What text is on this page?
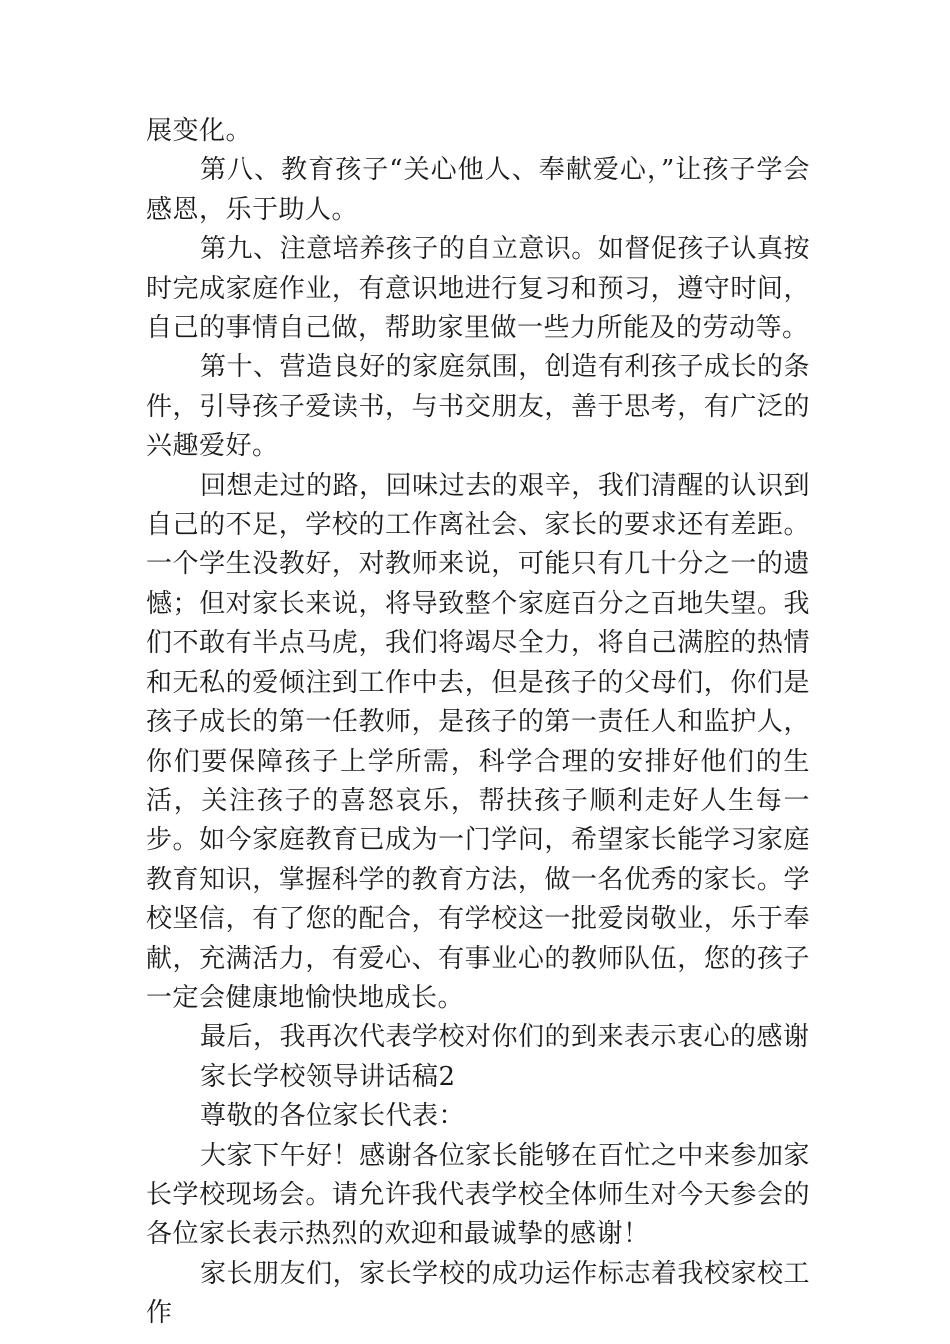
展变化。

第八、教育孩子“关心他人、奉献爱心，”让孩子学会感恩，乐于助人。

第九、注意培养孩子的自立意识。如督促孩子认真按时完成家庭作业，有意识地进行复习和预习，遵守时间，自己的事情自己做，帮助家里做一些力所能及的劳动等。

第十、营造良好的家庭氛围，创造有利孩子成长的条件，引导孩子爱读书，与书交朋友，善于思考，有广泛的兴趣爱好。

回想走过的路，回味过去的艰辛，我们清醒的认识到自己的不足，学校的工作离社会、家长的要求还有差距。一个学生没教好，对教师来说，可能只有几十分之一的遗憾；但对家长来说，将导致整个家庭百分之百地失望。我们不敢有半点马虎，我们将竭尽全力，将自己满腔的热情和无私的爱倾注到工作中去，但是孩子的父母们，你们是孩子成长的第一任教师，是孩子的第一责任人和监护人，你们要保障孩子上学所需，科学合理的安排好他们的生活，关注孩子的喜怒哀乐，帮扶孩子顺利走好人生每一步。如今家庭教育已成为一门学问，希望家长能学习家庭教育知识，掌握科学的教育方法，做一名优秀的家长。学校坚信，有了您的配合，有学校这一批爱岗敬业，乐于奉献，充满活力，有爱心、有事业心的教师队伍，您的孩子一定会健康地愉快地成长。

最后，我再次代表学校对你们的到来表示衷心的感谢

家长学校领导讲话稿2

尊敬的各位家长代表：

大家下午好！感谢各位家长能够在百忙之中来参加家长学校现场会。请允许我代表学校全体师生对今天参会的各位家长表示热烈的欢迎和最诚挚的感谢！

家长朋友们，家长学校的成功运作标志着我校家校工作
